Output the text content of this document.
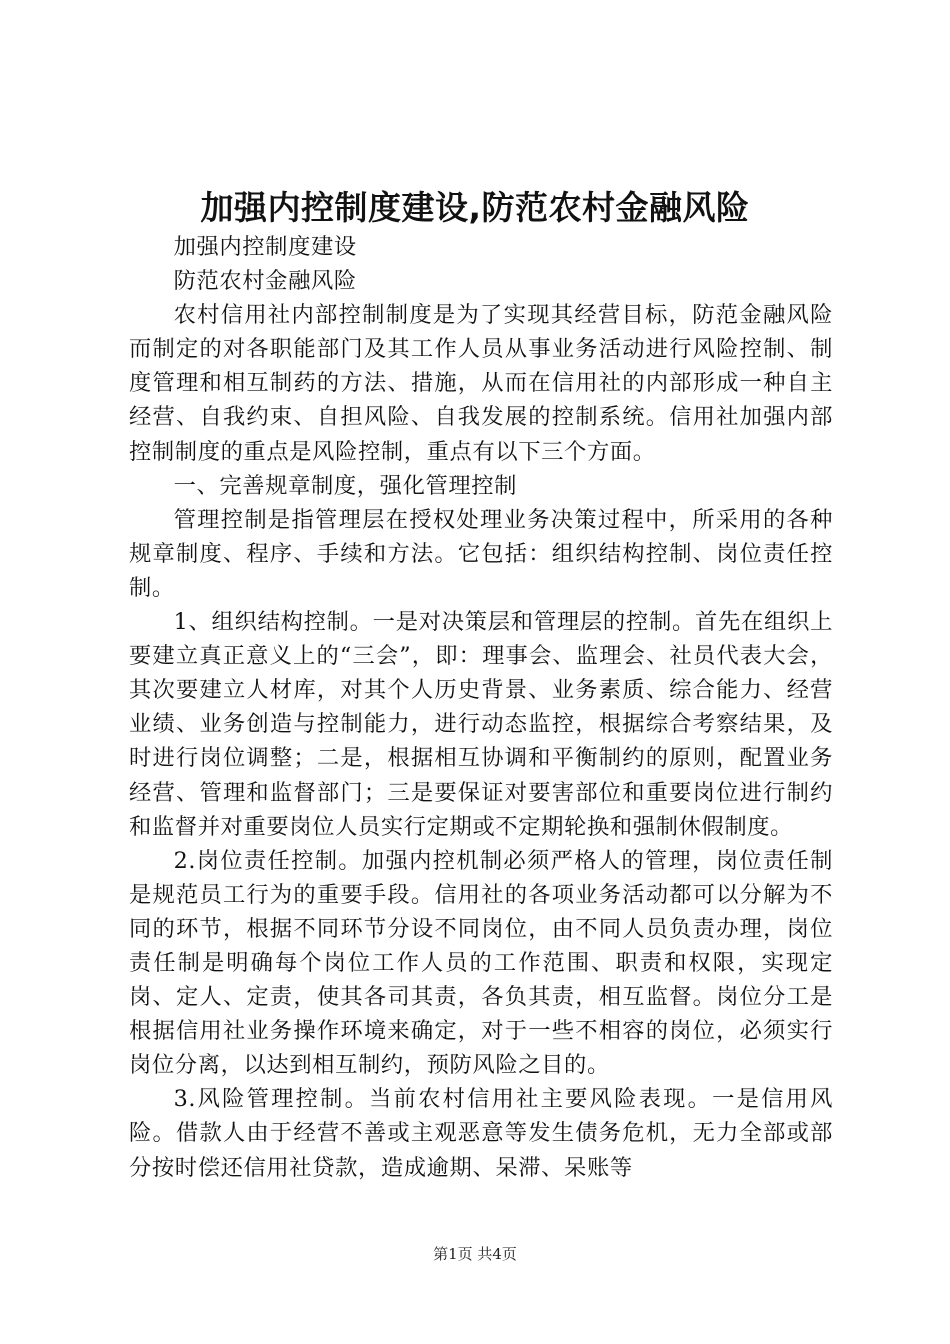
加强内控制度建设,防范农村金融风险

加强内控制度建设

防范农村金融风险

农村信用社内部控制制度是为了实现其经营目标，防范金融风险而制定的对各职能部门及其工作人员从事业务活动进行风险控制、制度管理和相互制药的方法、措施，从而在信用社的内部形成一种自主经营、自我约束、自担风险、自我发展的控制系统。信用社加强内部控制制度的重点是风险控制，重点有以下三个方面。

一、完善规章制度，强化管理控制

管理控制是指管理层在授权处理业务决策过程中，所采用的各种规章制度、程序、手续和方法。它包括：组织结构控制、岗位责任控制。

1、组织结构控制。一是对决策层和管理层的控制。首先在组织上要建立真正意义上的“三会”，即：理事会、监理会、社员代表大会，其次要建立人材库，对其个人历史背景、业务素质、综合能力、经营业绩、业务创造与控制能力，进行动态监控，根据综合考察结果，及时进行岗位调整；二是，根据相互协调和平衡制约的原则，配置业务经营、管理和监督部门；三是要保证对要害部位和重要岗位进行制约和监督并对重要岗位人员实行定期或不定期轮换和强制休假制度。

2.岗位责任控制。加强内控机制必须严格人的管理，岗位责任制是规范员工行为的重要手段。信用社的各项业务活动都可以分解为不同的环节，根据不同环节分设不同岗位，由不同人员负责办理，岗位责任制是明确每个岗位工作人员的工作范围、职责和权限，实现定岗、定人、定责，使其各司其责，各负其责，相互监督。岗位分工是根据信用社业务操作环境来确定，对于一些不相容的岗位，必须实行岗位分离，以达到相互制约，预防风险之目的。

3.风险管理控制。当前农村信用社主要风险表现。一是信用风险。借款人由于经营不善或主观恶意等发生债务危机，无力全部或部分按时偿还信用社贷款，造成逾期、呆滞、呆账等

第1页 共4页
